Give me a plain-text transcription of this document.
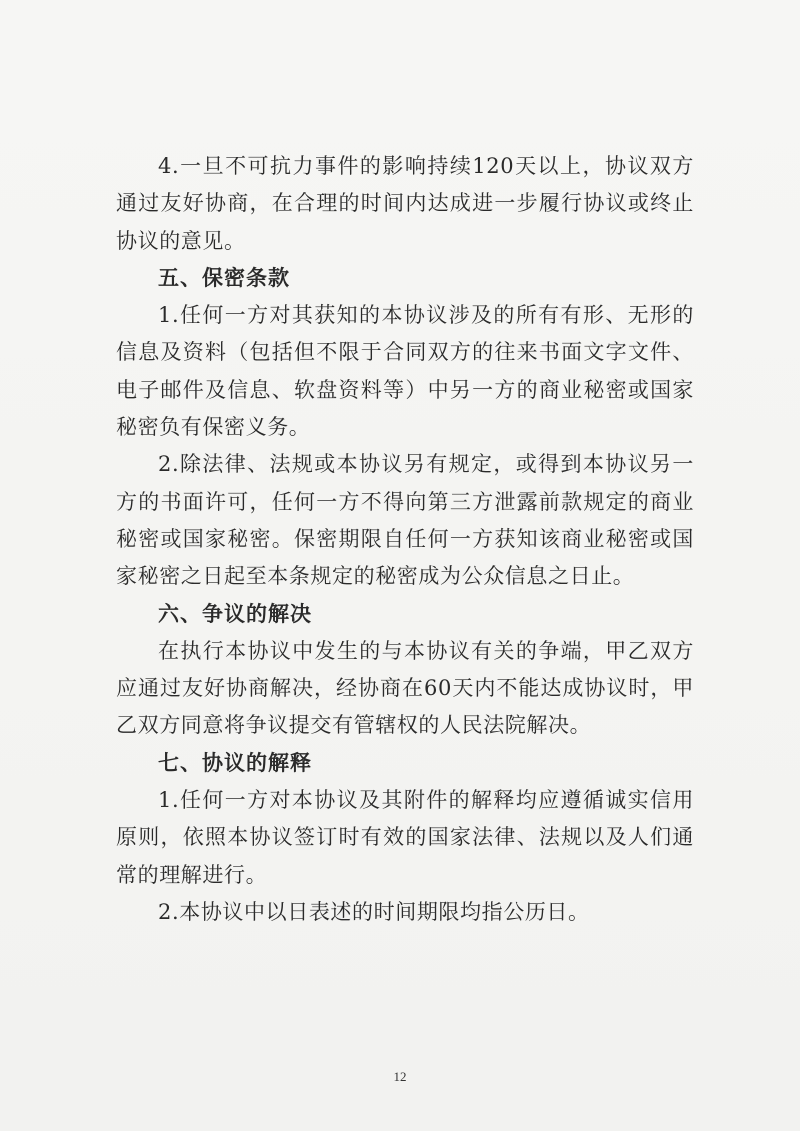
4.一旦不可抗力事件的影响持续120天以上，协议双方通过友好协商，在合理的时间内达成进一步履行协议或终止协议的意见。

五、保密条款

1.任何一方对其获知的本协议涉及的所有有形、无形的信息及资料（包括但不限于合同双方的往来书面文字文件、电子邮件及信息、软盘资料等）中另一方的商业秘密或国家秘密负有保密义务。

2.除法律、法规或本协议另有规定，或得到本协议另一方的书面许可，任何一方不得向第三方泄露前款规定的商业秘密或国家秘密。保密期限自任何一方获知该商业秘密或国家秘密之日起至本条规定的秘密成为公众信息之日止。

六、争议的解决

在执行本协议中发生的与本协议有关的争端，甲乙双方应通过友好协商解决，经协商在60天内不能达成协议时，甲乙双方同意将争议提交有管辖权的人民法院解决。

七、协议的解释

1.任何一方对本协议及其附件的解释均应遵循诚实信用原则，依照本协议签订时有效的国家法律、法规以及人们通常的理解进行。

2.本协议中以日表述的时间期限均指公历日。

12
